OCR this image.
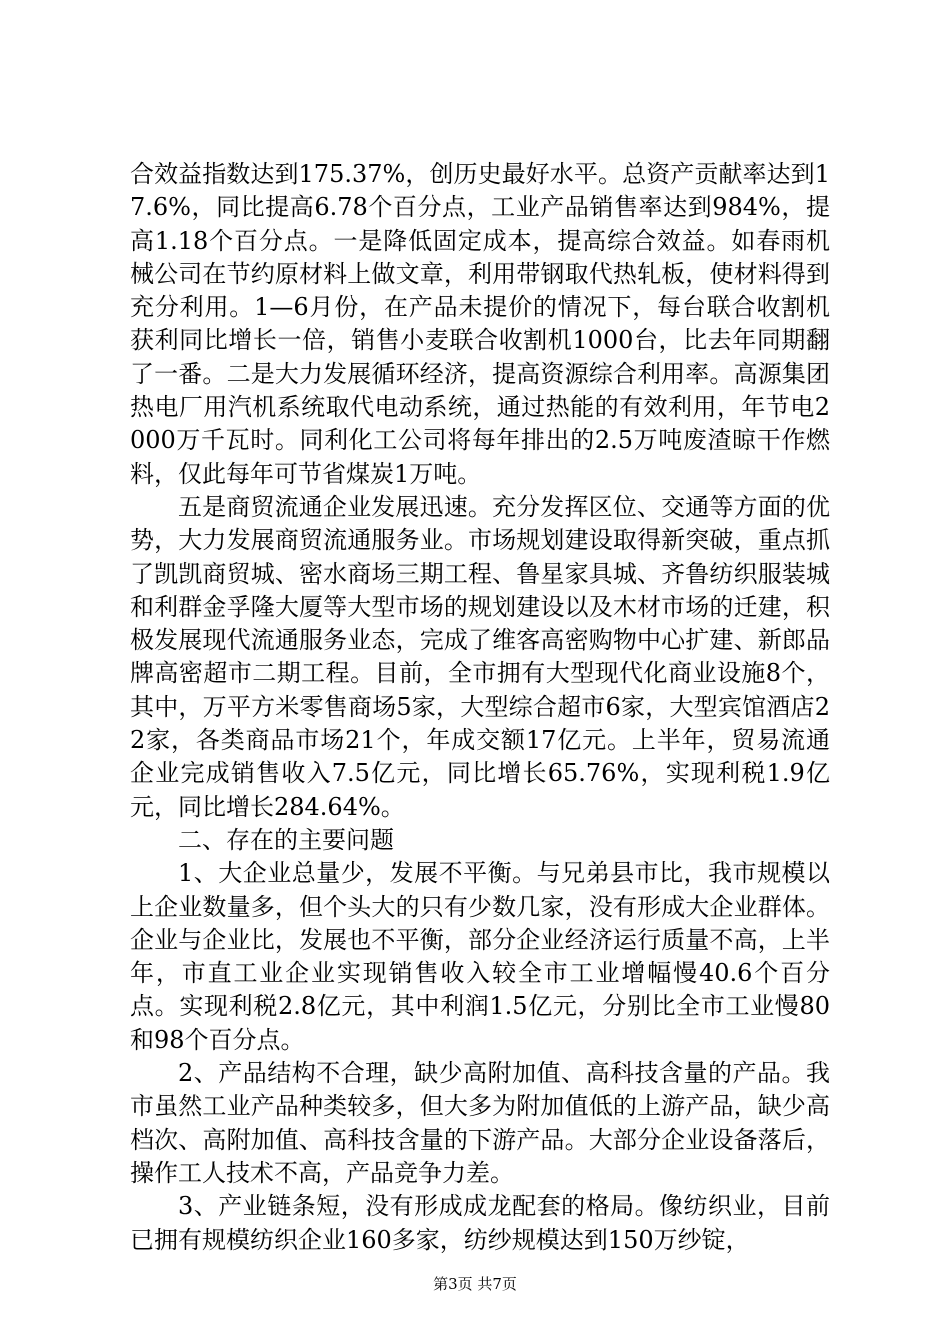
合效益指数达到175.37%，创历史最好水平。总资产贡献率达到17.6%，同比提高6.78个百分点，工业产品销售率达到984%，提高1.18个百分点。一是降低固定成本，提高综合效益。如春雨机械公司在节约原材料上做文章，利用带钢取代热轧板，使材料得到充分利用。1—6月份，在产品未提价的情况下，每台联合收割机获利同比增长一倍，销售小麦联合收割机1000台，比去年同期翻了一番。二是大力发展循环经济，提高资源综合利用率。高源集团热电厂用汽机系统取代电动系统，通过热能的有效利用，年节电2000万千瓦时。同利化工公司将每年排出的2.5万吨废渣晾干作燃料，仅此每年可节省煤炭1万吨。

五是商贸流通企业发展迅速。充分发挥区位、交通等方面的优势，大力发展商贸流通服务业。市场规划建设取得新突破，重点抓了凯凯商贸城、密水商场三期工程、鲁星家具城、齐鲁纺织服装城和利群金孚隆大厦等大型市场的规划建设以及木材市场的迁建，积极发展现代流通服务业态，完成了维客高密购物中心扩建、新郎品牌高密超市二期工程。目前，全市拥有大型现代化商业设施8个，其中，万平方米零售商场5家，大型综合超市6家，大型宾馆酒店22家，各类商品市场21个，年成交额17亿元。上半年，贸易流通企业完成销售收入7.5亿元，同比增长65.76%，实现利税1.9亿元，同比增长284.64%。

二、存在的主要问题

1、大企业总量少，发展不平衡。与兄弟县市比，我市规模以上企业数量多，但个头大的只有少数几家，没有形成大企业群体。企业与企业比，发展也不平衡，部分企业经济运行质量不高，上半年，市直工业企业实现销售收入较全市工业增幅慢40.6个百分点。实现利税2.8亿元，其中利润1.5亿元，分别比全市工业慢80和98个百分点。

2、产品结构不合理，缺少高附加值、高科技含量的产品。我市虽然工业产品种类较多，但大多为附加值低的上游产品，缺少高档次、高附加值、高科技含量的下游产品。大部分企业设备落后，操作工人技术不高，产品竞争力差。

3、产业链条短，没有形成成龙配套的格局。像纺织业，目前已拥有规模纺织企业160多家，纺纱规模达到150万纱锭，

第3页 共7页
